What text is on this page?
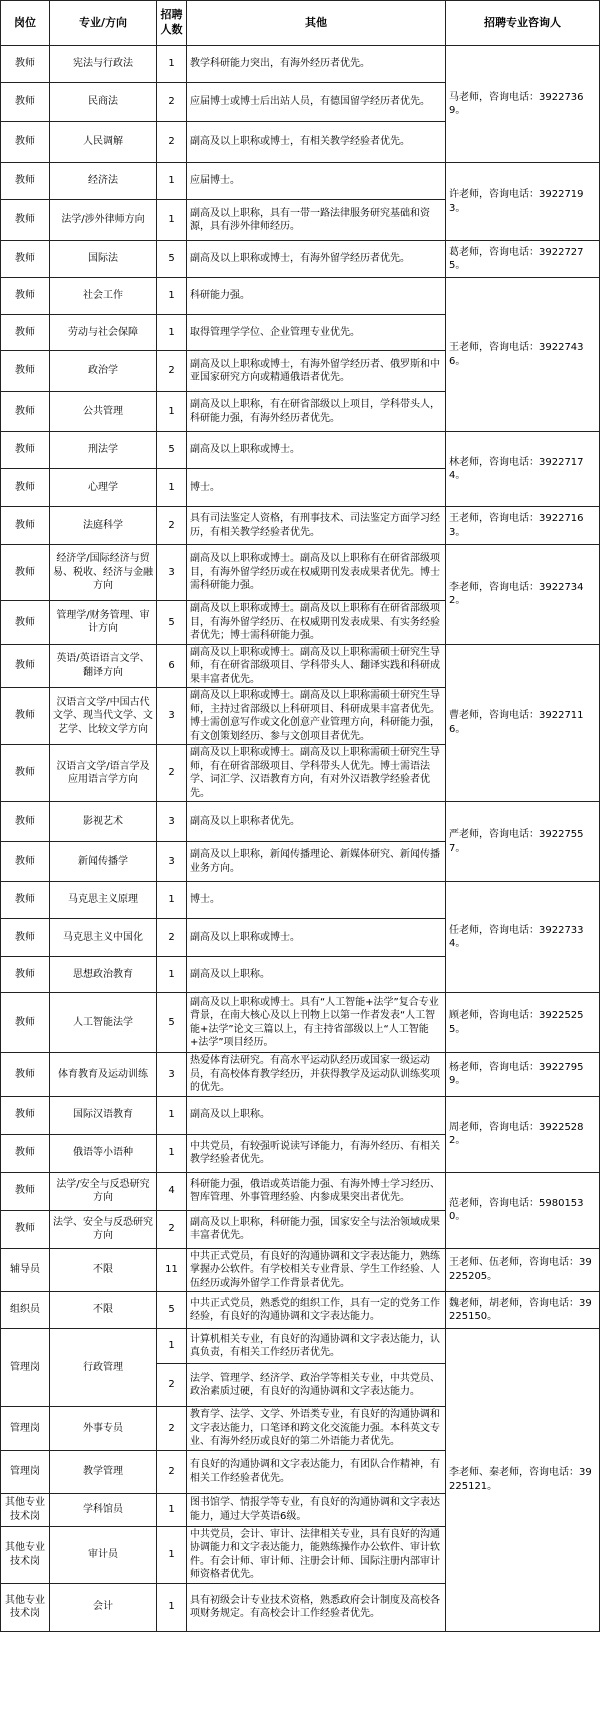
岗位	专业/方向	招聘人数	其他	招聘专业咨询人
教师	宪法与行政法	1	教学科研能力突出，有海外经历者优先。	马老师，咨询电话：39227369。
教师	民商法	2	应届博士或博士后出站人员，有德国留学经历者优先。	
教师	人民调解	2	副高及以上职称或博士，有相关教学经验者优先。	
教师	经济法	1	应届博士。	许老师，咨询电话：39227193。
教师	法学/涉外律师方向	1	副高及以上职称，具有一带一路法律服务研究基础和资源，具有涉外律师经历。	
教师	国际法	5	副高及以上职称或博士，有海外留学经历者优先。	葛老师，咨询电话：39227275。
教师	社会工作	1	科研能力强。	王老师，咨询电话：39227436。
教师	劳动与社会保障	1	取得管理学学位、企业管理专业优先。	
教师	政治学	2	副高及以上职称或博士，有海外留学经历者、俄罗斯和中亚国家研究方向或精通俄语者优先。	
教师	公共管理	1	副高及以上职称，有在研省部级以上项目，学科带头人，科研能力强，有海外经历者优先。	
教师	刑法学	5	副高及以上职称或博士。	林老师，咨询电话：39227174。
教师	心理学	1	博士。	
教师	法庭科学	2	具有司法鉴定人资格，有刑事技术、司法鉴定方面学习经历，有相关教学经验者优先。	王老师，咨询电话：39227163。
教师	经济学/国际经济与贸易、税收、经济与金融方向	3	副高及以上职称或博士。副高及以上职称有在研省部级项目，有海外留学经历或在权威期刊发表成果者优先。博士需科研能力强。	李老师，咨询电话：39227342。
教师	管理学/财务管理、审计方向	5	副高及以上职称或博士。副高及以上职称有在研省部级项目，有海外留学经历、在权威期刊发表成果、有实务经验者优先；博士需科研能力强。	
教师	英语/英语语言文学、翻译方向	6	副高及以上职称或博士。副高及以上职称需硕士研究生导师，有在研省部级项目、学科带头人、翻译实践和科研成果丰富者优先。	曹老师，咨询电话：39227116。
教师	汉语言文学/中国古代文学、现当代文学、文艺学、比较文学方向	3	副高及以上职称或博士。副高及以上职称需硕士研究生导师，主持过省部级以上科研项目、科研成果丰富者优先。博士需创意写作或文化创意产业管理方向，科研能力强，有文创策划经历、参与文创项目者优先。	
教师	汉语言文学/语言学及应用语言学方向	2	副高及以上职称或博士。副高及以上职称需硕士研究生导师，有在研省部级项目、学科带头人优先。博士需语法学、词汇学、汉语教育方向，有对外汉语教学经验者优先。	
教师	影视艺术	3	副高及以上职称者优先。	严老师，咨询电话：39227557。
教师	新闻传播学	3	副高及以上职称，新闻传播理论、新媒体研究、新闻传播业务方向。	
教师	马克思主义原理	1	博士。	任老师，咨询电话：39227334。
教师	马克思主义中国化	2	副高及以上职称或博士。	
教师	思想政治教育	1	副高及以上职称。	
教师	人工智能法学	5	副高及以上职称或博士。具有“人工智能+法学”复合专业背景，在南大核心及以上刊物上以第一作者发表“人工智能+法学”论文三篇以上，有主持省部级以上“人工智能+法学”项目经历。	顾老师，咨询电话：39225255。
教师	体育教育及运动训练	3	热爱体育法研究。有高水平运动队经历或国家一级运动员，有高校体育教学经历，并获得教学及运动队训练奖项的优先。	杨老师，咨询电话：39227959。
教师	国际汉语教育	1	副高及以上职称。	周老师，咨询电话：39225282。
教师	俄语等小语种	1	中共党员，有较强听说读写译能力，有海外经历、有相关教学经验者优先。	
教师	法学/安全与反恐研究方向	4	科研能力强，俄语或英语能力强、有海外博士学习经历、智库管理、外事管理经验、内参成果突出者优先。	范老师，咨询电话：59801530。
教师	法学、安全与反恐研究方向	2	副高及以上职称，科研能力强，国家安全与法治领域成果丰富者优先。	
辅导员	不限	11	中共正式党员，有良好的沟通协调和文字表达能力，熟练掌握办公软件。有学校相关专业背景、学生工作经验、人伍经历或海外留学工作背景者优先。	王老师、伍老师，咨询电话：39225205。
组织员	不限	5	中共正式党员，熟悉党的组织工作，具有一定的党务工作经验，有良好的沟通协调和文字表达能力。	魏老师，胡老师，咨询电话：39225150。
管理岗	行政管理	1	计算机相关专业，有良好的沟通协调和文字表达能力，认真负责，有相关工作经历者优先。	李老师、秦老师，咨询电话：39225121。
		2	法学、管理学、经济学、政治学等相关专业，中共党员、政治素质过硬，有良好的沟通协调和文字表达能力。	
管理岗	外事专员	2	教育学、法学、文学、外语类专业，有良好的沟通协调和文字表达能力，口笔译和跨文化交流能力强。本科英文专业、有海外经历或良好的第二外语能力者优先。	
管理岗	教学管理	2	有良好的沟通协调和文字表达能力，有团队合作精神，有相关工作经验者优先。	
其他专业技术岗	学科馆员	1	图书馆学、情报学等专业，有良好的沟通协调和文字表达能力，通过大学英语6级。	
其他专业技术岗	审计员	1	中共党员，会计、审计、法律相关专业，具有良好的沟通协调能力和文字表达能力，能熟练操作办公软件、审计软件。有会计师、审计师、注册会计师、国际注册内部审计师资格者优先。	
其他专业技术岗	会计	1	具有初级会计专业技术资格，熟悉政府会计制度及高校各项财务规定。有高校会计工作经验者优先。	
